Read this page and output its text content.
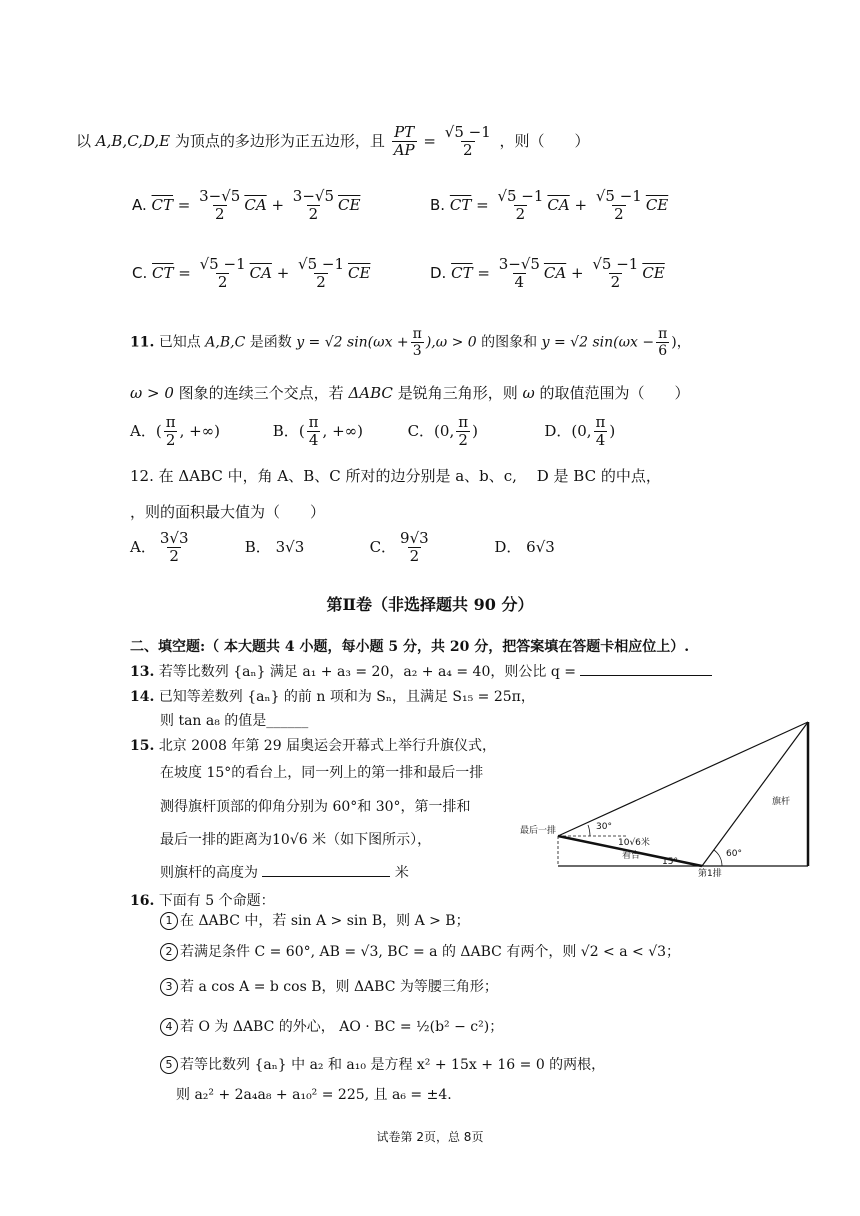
以 A,B,C,D,E 为顶点的多边形为正五边形，且 $\frac{PT}{AP} = \frac{√5 -1}{2}$ ，则（　　）
A. $\overline{CT} = \frac{3-√5}{2} \overline{CA} + \frac{3-√5}{2} \overline{CE}$	B. $\overline{CT} = \frac{√5 -1}{2} \overline{CA} + \frac{√5 -1}{2} \overline{CE}$
C. $\overline{CT} = \frac{√5 -1}{2} \overline{CA} + \frac{√5 -1}{2} \overline{CE}$	D. $\overline{CT} = \frac{3-√5}{4} \overline{CA} + \frac{√5 -1}{2} \overline{CE}$
11. 已知点 A,B,C 是函数 y = √2 $\sin(\omega x + \frac{\pi}{3} ),\omega > 0$ 的图象和 y = √2 $\sin(\omega x - \frac{\pi}{6}$ )，
ω > 0 图象的连续三个交点，若 ΔABC 是锐角三角形，则 ω 的取值范围为（　　）
A．( $\frac{\pi}{2}$ , +∞)	B．( $\frac{\pi}{4}$ , +∞)	C．(0, $\frac{\pi}{2}$ )	D．(0, $\frac{\pi}{4}$ )
12. 在 ΔABC 中，角 A、B、C 所对的边分别是 a、b、c,　 D 是 BC 的中点，
，则的面积最大值为（　　）
A． $\frac{3√3}{2}$	B． 3√3	C． $\frac{9√3}{2}$	D． 6√3
第Ⅱ卷（非选择题共 90 分）
二、填空题:（ 本大题共 4 小题，每小题 5 分，共 20 分，把答案填在答题卡相应位上）.
13. 若等比数列 {aₙ} 满足 a₁ + a₃ = 20，a₂ + a₄ = 40，则公比 q =
14. 已知等差数列 {aₙ} 的前 n 项和为 Sₙ，且满足 S₁₅ = 25π，
则 tan a₈ 的值是______
15. 北京 2008 年第 29 届奥运会开幕式上举行升旗仪式，
在坡度 15°的看台上，同一列上的第一排和最后一排
测得旗杆顶部的仰角分别为 60°和 30°，第一排和
最后一排的距离为10√6 米（如下图所示），
则旗杆的高度为	米
旗杆
最后一排
第1排
看台
10√6米
30°
60°
15°
16. 下面有 5 个命题：
1 在 ΔABC 中，若 sin A > sin B，则 A > B；
2 若满足条件 C = 60°, AB = √3, BC = a 的 ΔABC 有两个，则 √2 < a < √3；
3 若 a cos A = b cos B，则 ΔABC 为等腰三角形；
4 若 O 为 ΔABC 的外心， AO · BC = ½(b² − c²)；
5 若等比数列 {aₙ} 中 a₂ 和 a₁₀ 是方程 x² + 15x + 16 = 0 的两根，
则 a₂² + 2a₄a₈ + a₁₀² = 225, 且 a₆ = ±4.
试卷第 2页，总 8页
